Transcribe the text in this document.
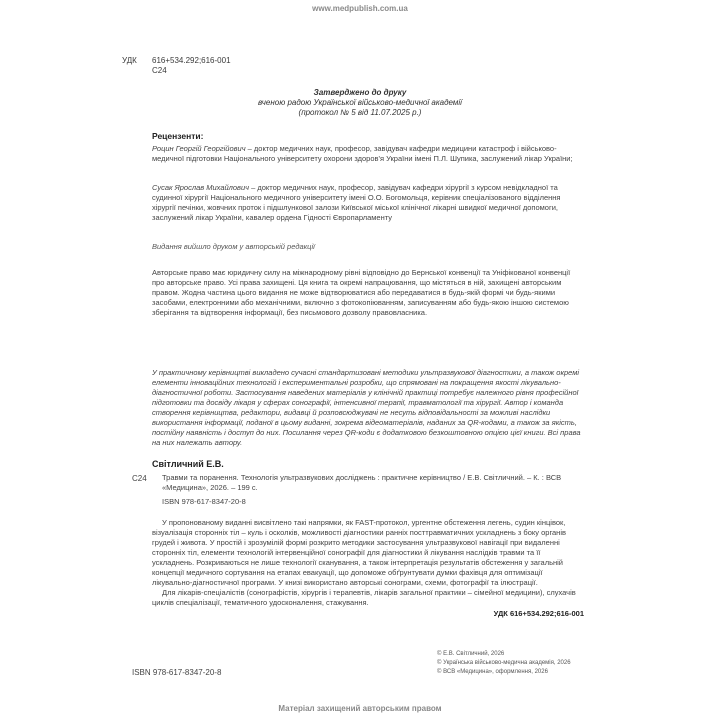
www.medpublish.com.ua
УДК	616+534.292;616-001
С24
Затверджено до друку
вченою радою Української військово-медичної академії
(протокол № 5 від 11.07.2025 р.)
Рецензенти:

Роцин Георгій Георгійович – доктор медичних наук, професор, завідувач кафедри медицини катастроф і військово-медичної підготовки Національного університету охорони здоров'я України імені П.Л. Шупика, заслужений лікар України;

Сусак Ярослав Михайлович – доктор медичних наук, професор, завідувач кафедри хірургії з курсом невідкладної та судинної хірургії Національного медичного університету імені О.О. Богомольця, керівник спеціалізованого відділення хірургії печінки, жовчних проток і підшлункової залози Київської міської клінічної лікарні швидкої медичної допомоги, заслужений лікар України, кавалер ордена Гідності Європарламенту

Видання вийшло друком у авторській редакції

Авторське право має юридичну силу на міжнародному рівні відповідно до Бернської конвенції та Уніфікованої конвенції про авторське право. Усі права захищені. Ця книга та окремі напрацювання, що містяться в ній, захищені авторським правом. Жодна частина цього видання не може відтворюватися або передаватися в будь-якій формі чи будь-якими засобами, електронними або механічними, включно з фотокопіюванням, записуванням або будь-якою іншою системою зберігання та відтворення інформації, без письмового дозволу правовласника.

У практичному керівництві викладено сучасні стандартизовані методики ультразвукової діагностики, а також окремі елементи інноваційних технологій і експериментальні розробки, що спрямовані на покращення якості лікувально-діагностичної роботи. Застосування наведених матеріалів у клінічній практиці потребує належного рівня професійної підготовки та досвіду лікаря у сферах сонографії, інтенсивної терапії, травматології та хірургії. Автор і команда створення керівництва, редактори, видавці й розповсюджувачі не несуть відповідальності за можливі наслідки використання інформації, поданої в цьому виданні, зокрема відеоматеріалів, наданих за QR-кодами, а також за якість, постійну наявність і доступ до них. Посилання через QR-коди є додатковою безкоштовною опцією цієї книги. Всі права на них належать автору.

Світличний Е.В.
С24 Травми та поранення. Технологія ультразвукових досліджень : практичне керівництво / Е.В. Світличний. – К. : ВСВ «Медицина», 2026. – 199 с.

ISBN 978-617-8347-20-8

У пропонованому виданні висвітлено такі напрямки, як FAST-протокол, ургентне обстеження легень, судин кінцівок, візуалізація сторонніх тіл – куль і осколків, можливості діагностики ранніх посттравматичних ускладнень з боку органів грудей і живота. У простій і зрозумілій формі розкрито методики застосування ультразвукової навігації при видаленні сторонніх тіл, елементи технологій інтервенційної сонографії для діагностики й лікування наслідків травми та її ускладнень. Розкриваються не лише технології сканування, а також інтерпретація результатів обстеження у загальній концепції медичного сортування на етапах евакуації, що допоможе обґрунтувати думки фахівця для оптимізації лікувально-діагностичної програми. У книзі використано авторські сонограми, схеми, фотографії та ілюстрації.

Для лікарів-спеціалістів (сонографістів, хірургів і терапевтів, лікарів загальної практики – сімейної медицини), слухачів циклів спеціалізації, тематичного удосконалення, стажування.

УДК 616+534.292;616-001
ISBN 978-617-8347-20-8
© Е.В. Світличний, 2026
© Українська військово-медична академія, 2026
© ВСВ «Медицина», оформлення, 2026
Матеріал захищений авторським правом
